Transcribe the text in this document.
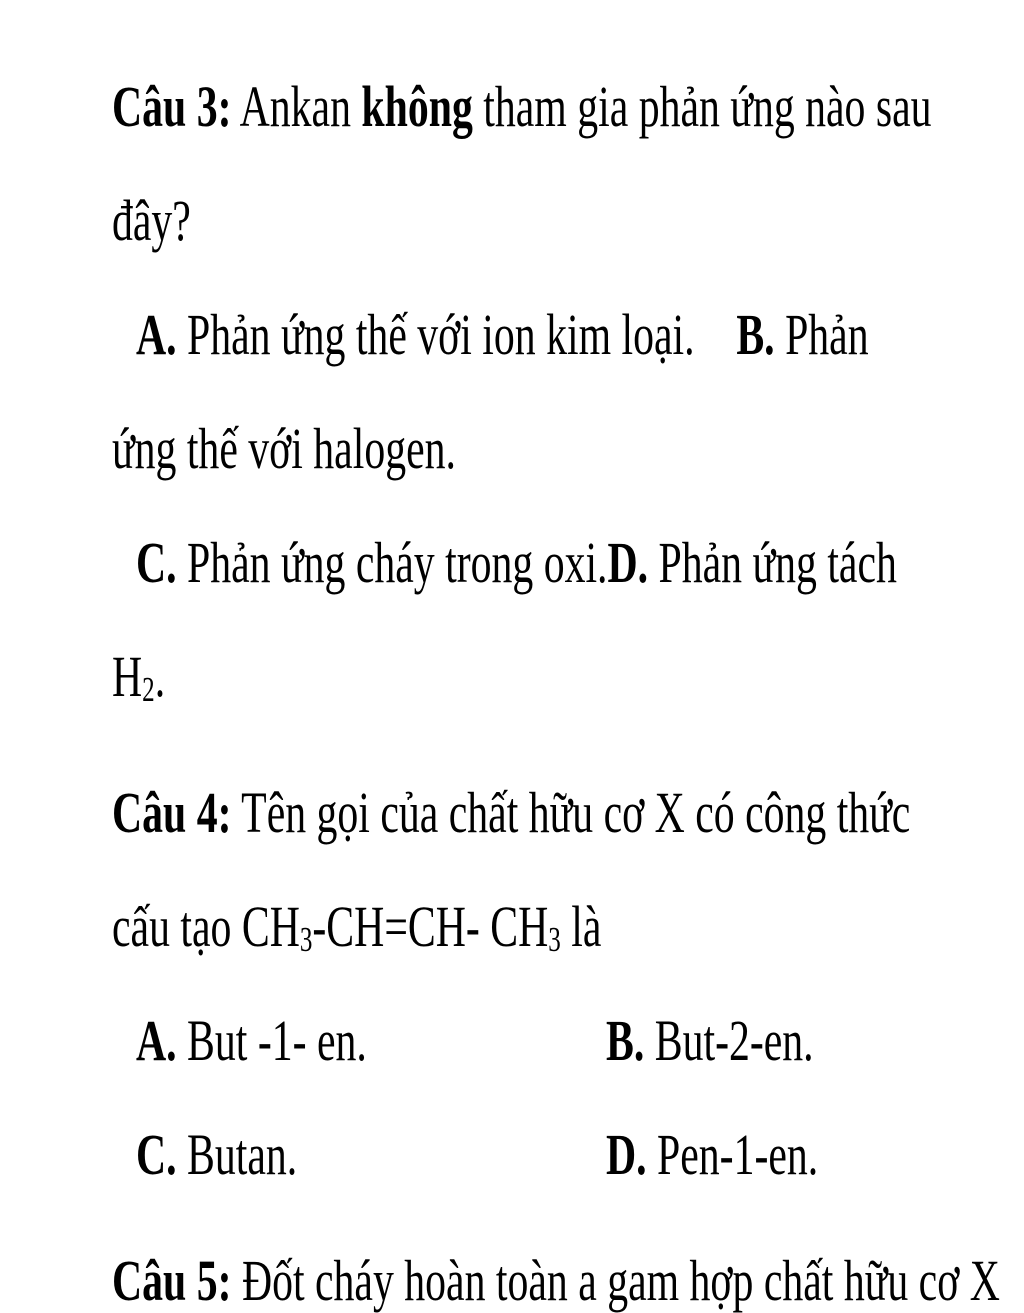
Câu 3: Ankan không tham gia phản ứng nào sau
đây?
A. Phản ứng thế với ion kim loại. B. Phản
ứng thế với halogen.
C. Phản ứng cháy trong oxi.D. Phản ứng tách
$H_2$.
Câu 4: Tên gọi của chất hữu cơ X có công thức
cấu tạo $CH_3-CH=CH-$ $CH_3$ là
A. But -1- en.	B. But-2-en.
C. Butan.	D. Pen-1-en.
Câu 5: Đốt cháy hoàn toàn a gam hợp chất hữu cơ X
